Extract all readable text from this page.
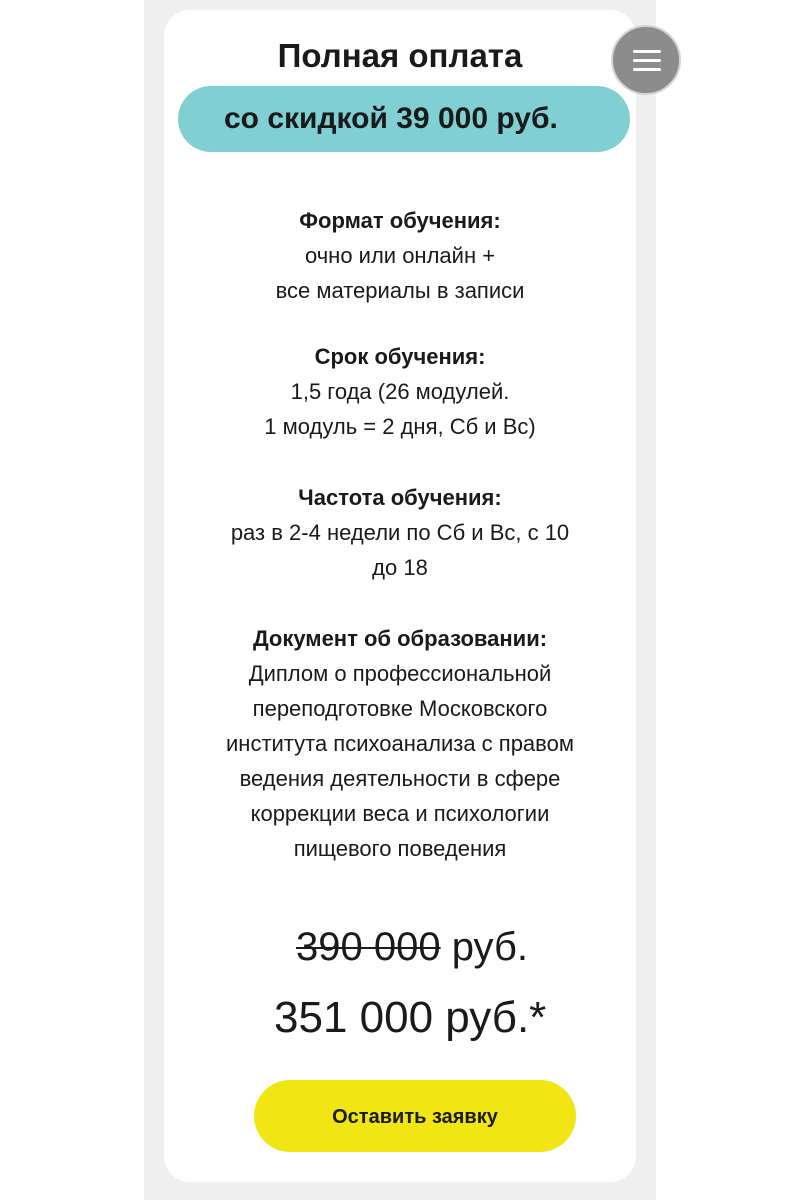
Полная оплата
со скидкой 39 000 руб.
Формат обучения:
очно или онлайн +
все материалы в записи
Срок обучения:
1,5 года (26 модулей.
1 модуль = 2 дня, Сб и Вс)
Частота обучения:
раз в 2-4 недели по Сб и Вс, с 10
до 18
Документ об образовании:
Диплом о профессиональной
переподготовке Московского
института психоанализа с правом
ведения деятельности в сфере
коррекции веса и психологии
пищевого поведения
390 000 руб.
351 000 руб.*
Оставить заявку
